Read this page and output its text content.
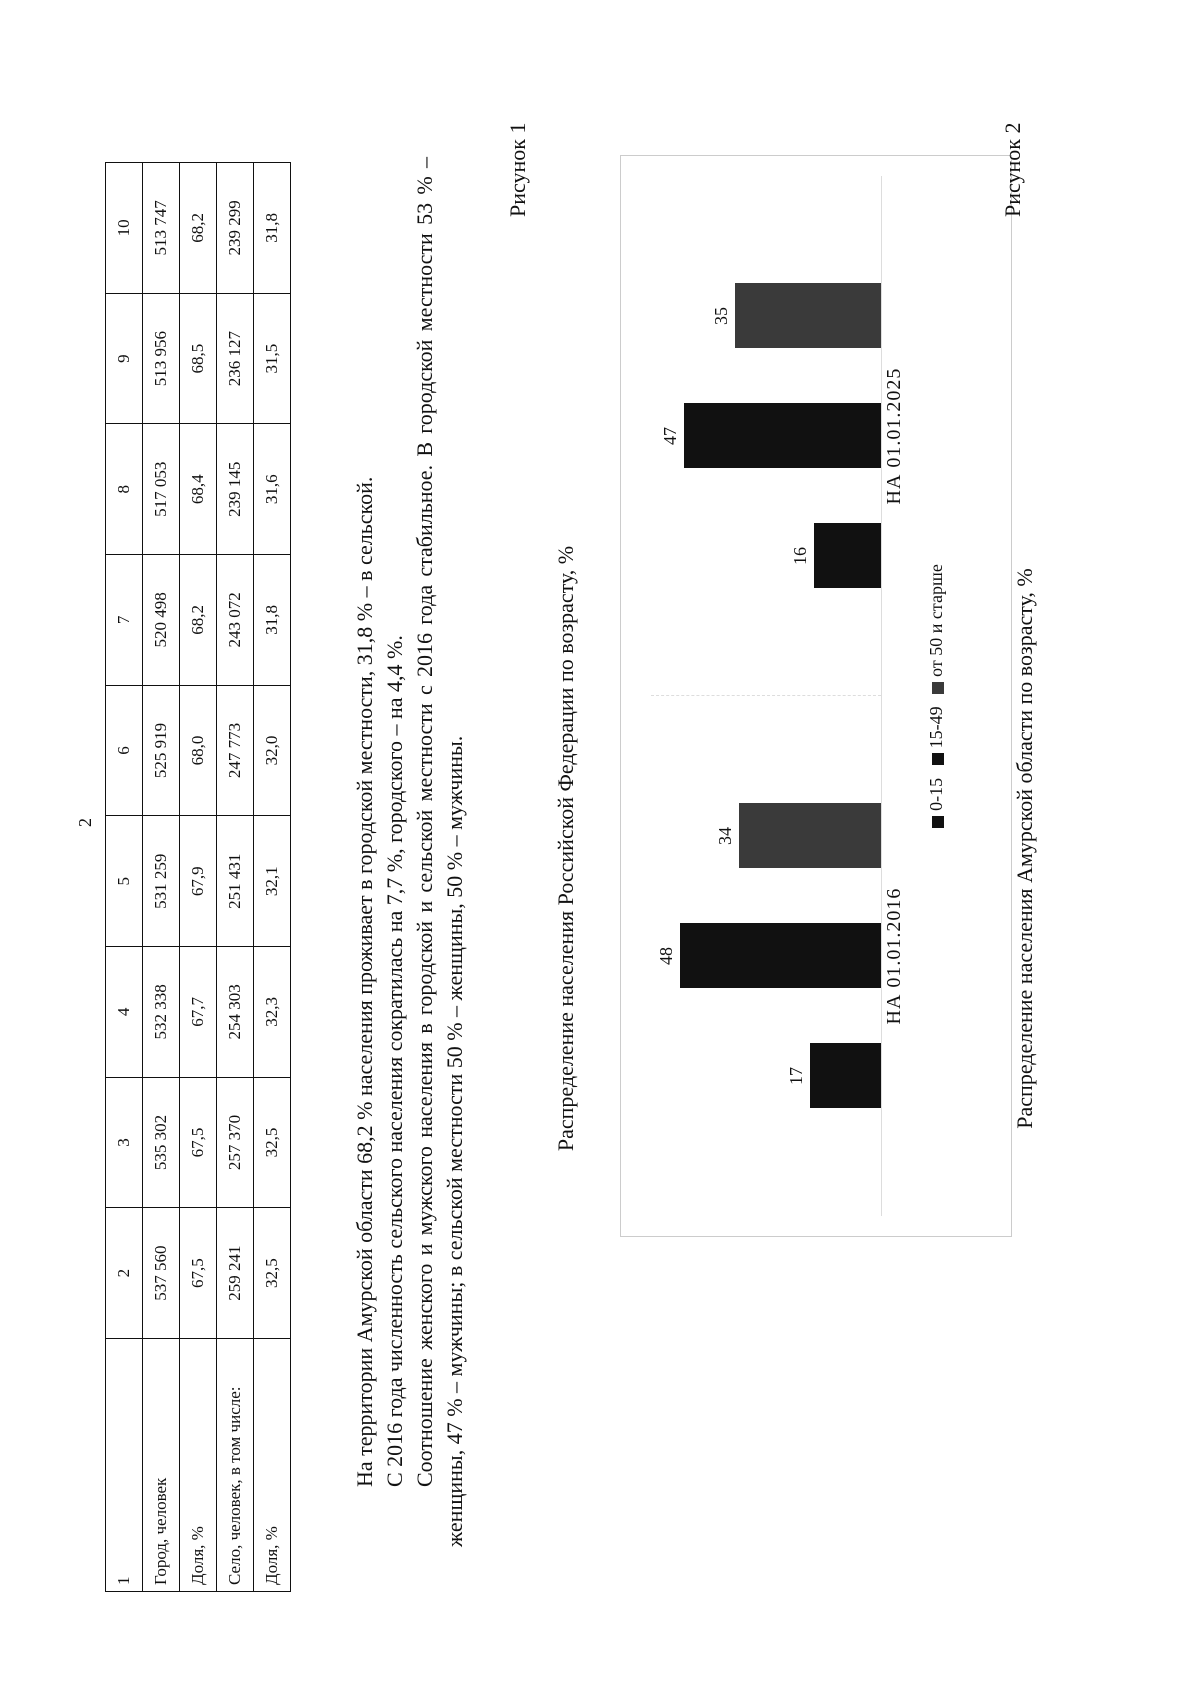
2
1	2	3	4	5	6	7	8	9	10
Город, человек	537 560	535 302	532 338	531 259	525 919	520 498	517 053	513 956	513 747
Доля, %	67,5	67,5	67,7	67,9	68,0	68,2	68,4	68,5	68,2
Село, человек, в том числе:	259 241	257 370	254 303	251 431	247 773	243 072	239 145	236 127	239 299
Доля, %	32,5	32,5	32,3	32,1	32,0	31,8	31,6	31,5	31,8

На территории Амурской области 68,2 % населения проживает в городской местности, 31,8 % – в сельской. С 2016 года численность сельского населения сократилась на 7,7 %, городского – на 4,4 %. Соотношение женского и мужского населения в городской и сельской местности с 2016 года стабильное. В городской местности 53 % – женщины, 47 % – мужчины; в сельской местности 50 % – женщины, 50 % – мужчины.

Рисунок 1
Распределение населения Российской Федерации по возрасту, %	17
48
34
16
47
35
НА 01.01.2016
НА 01.01.2025
0-15 15-49 от 50 и старше
Рисунок 2
Распределение населения Амурской области по возрасту, %
